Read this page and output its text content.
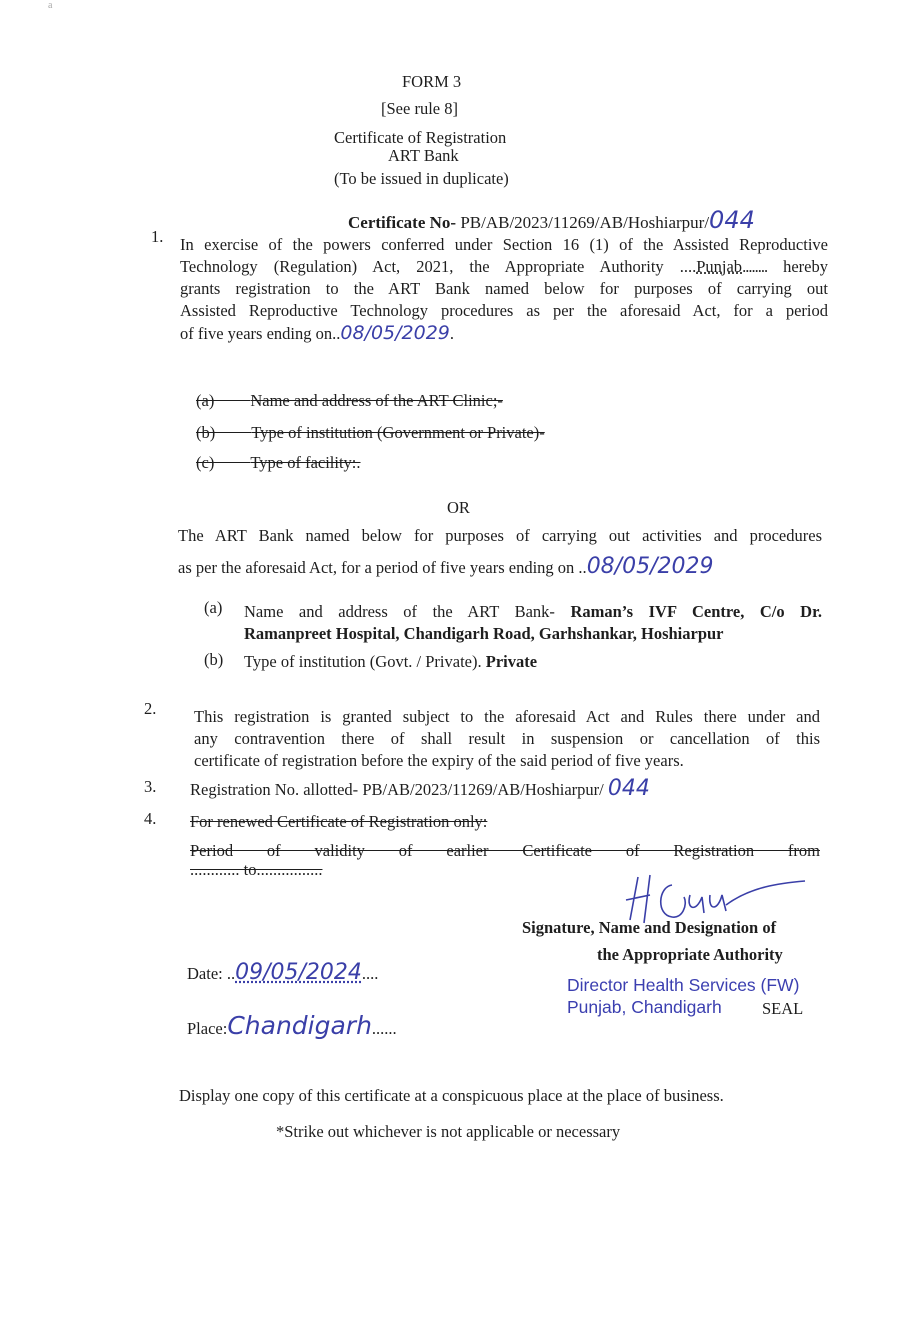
a
FORM 3
[See rule 8]
Certificate of Registration
ART Bank
(To be issued in duplicate)
Certificate No- PB/AB/2023/11269/AB/Hoshiarpur/044
1. In exercise of the powers conferred under Section 16 (1) of the Assisted Reproductive
Technology (Regulation) Act, 2021, the Appropriate Authority ....Punjab........ hereby
grants registration to the ART Bank named below for purposes of carrying out
Assisted Reproductive Technology procedures as per the aforesaid Act, for a period
of five years ending on..08/05/2029.
(a) Name and address of the ART Clinic;-
(b) Type of institution (Government or Private)-
(c) Type of facility:.
OR
The ART Bank named below for purposes of carrying out activities and procedures
as per the aforesaid Act, for a period of five years ending on ..08/05/2029
(a) Name and address of the ART Bank- Raman’s IVF Centre, C/o Dr.
Ramanpreet Hospital, Chandigarh Road, Garhshankar, Hoshiarpur
(b) Type of institution (Govt. / Private). Private
2. This registration is granted subject to the aforesaid Act and Rules there under and
any contravention there of shall result in suspension or cancellation of this
certificate of registration before the expiry of the said period of five years.
3. Registration No. allotted- PB/AB/2023/11269/AB/Hoshiarpur/ 044
4. For renewed Certificate of Registration only:
Period of validity of earlier Certificate of Registration from
............ to................
Signature, Name and Designation of
the Appropriate Authority
Director Health Services (FW)
Punjab, Chandigarh SEAL
Date: ..09/05/2024....
Place:Chandigarh......
Display one copy of this certificate at a conspicuous place at the place of business.
*Strike out whichever is not applicable or necessary
